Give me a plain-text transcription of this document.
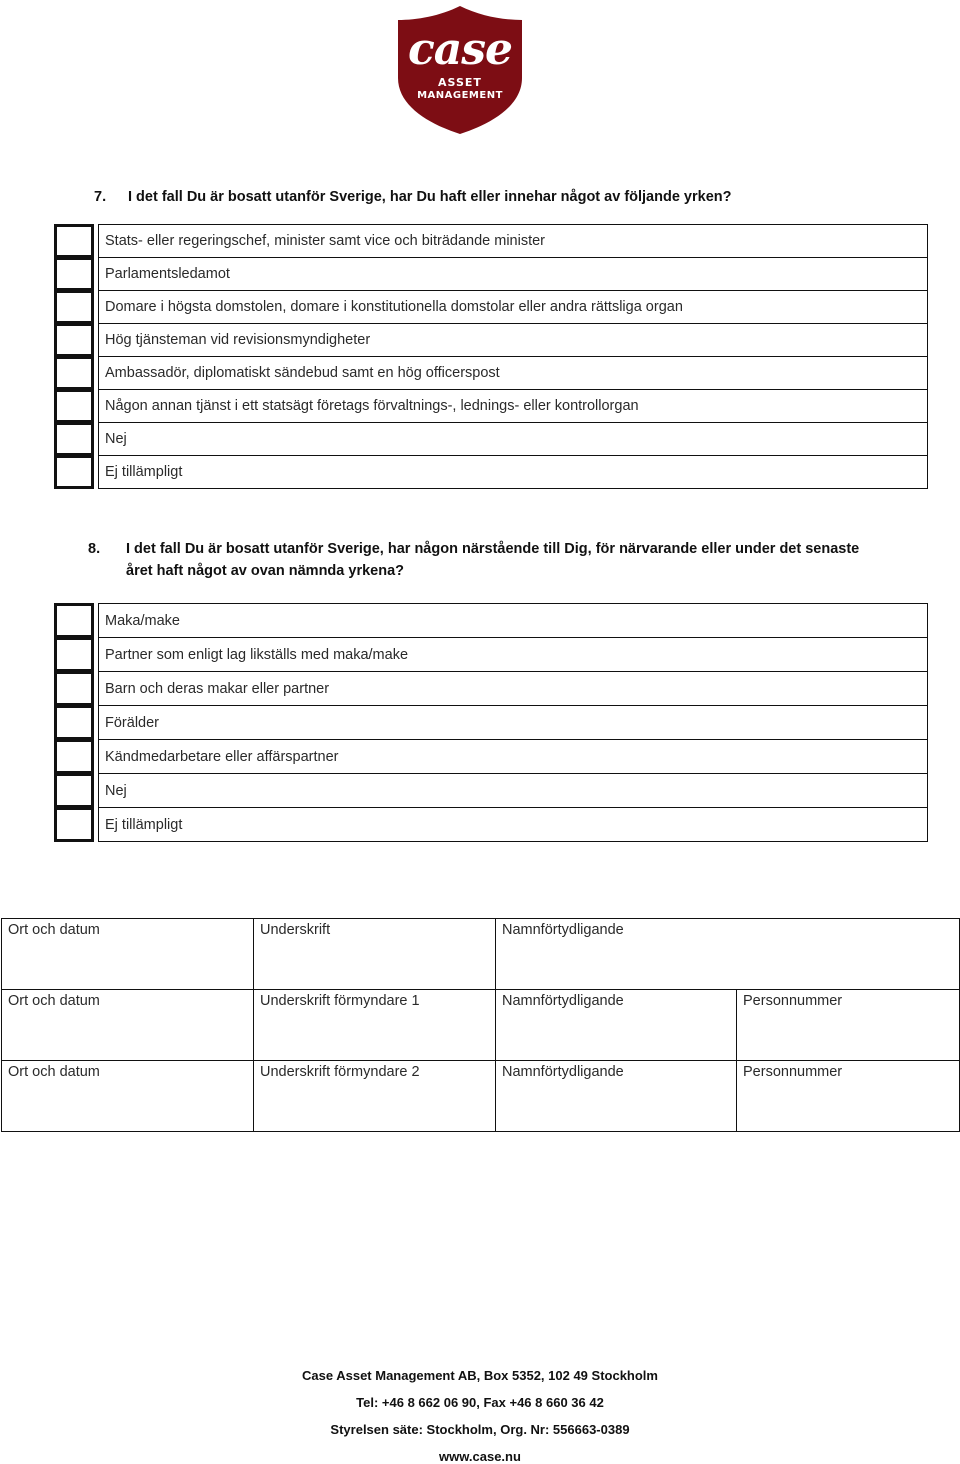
case
ASSET
MANAGEMENT
7. I det fall Du är bosatt utanför Sverige, har Du haft eller innehar något av följande yrken?
Stats- eller regeringschef, minister samt vice och biträdande minister
Parlamentsledamot
Domare i högsta domstolen, domare i konstitutionella domstolar eller andra rättsliga organ
Hög tjänsteman vid revisionsmyndigheter
Ambassadör, diplomatiskt sändebud samt en hög officerspost
Någon annan tjänst i ett statsägt företags förvaltnings-, lednings- eller kontrollorgan
Nej
Ej tillämpligt
8. I det fall Du är bosatt utanför Sverige, har någon närstående till Dig, för närvarande eller under det senaste
året haft något av ovan nämnda yrkena?
Maka/make
Partner som enligt lag likställs med maka/make
Barn och deras makar eller partner
Förälder
Kändmedarbetare eller affärspartner
Nej
Ej tillämpligt
Ort och datum	Underskrift	Namnförtydligande	
Ort och datum	Underskrift förmyndare 1	Namnförtydligande	Personnummer
Ort och datum	Underskrift förmyndare 2	Namnförtydligande	Personnummer
Case Asset Management AB, Box 5352, 102 49 Stockholm
Tel: +46 8 662 06 90, Fax +46 8 660 36 42
Styrelsen säte: Stockholm, Org. Nr: 556663-0389
www.case.nu
